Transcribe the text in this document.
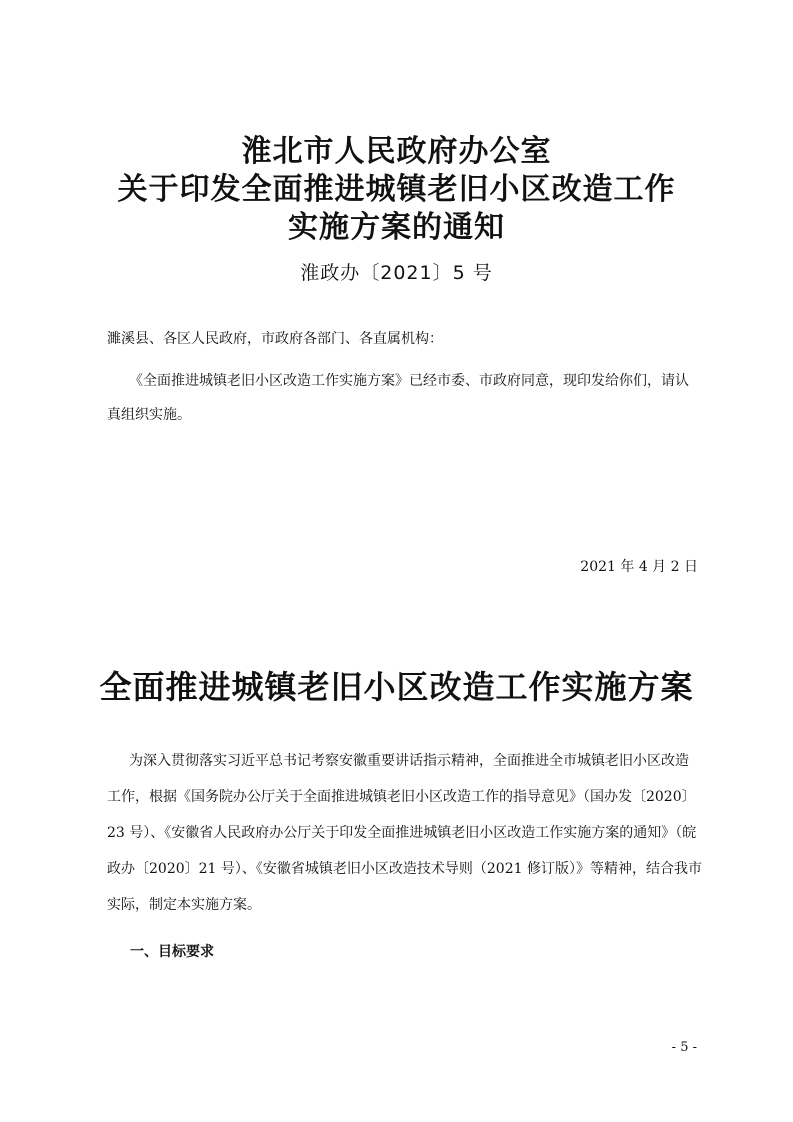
淮北市人民政府办公室
关于印发全面推进城镇老旧小区改造工作
实施方案的通知
淮政办〔2021〕5 号
濉溪县、各区人民政府，市政府各部门、各直属机构：
《全面推进城镇老旧小区改造工作实施方案》已经市委、市政府同意，现印发给你们，请认
真组织实施。
2021 年 4 月 2 日
全面推进城镇老旧小区改造工作实施方案
为深入贯彻落实习近平总书记考察安徽重要讲话指示精神，全面推进全市城镇老旧小区改造
工作，根据《国务院办公厅关于全面推进城镇老旧小区改造工作的指导意见》（国办发〔2020〕
23 号）、《安徽省人民政府办公厅关于印发全面推进城镇老旧小区改造工作实施方案的通知》（皖
政办〔2020〕21 号）、《安徽省城镇老旧小区改造技术导则（2021 修订版）》等精神，结合我市
实际，制定本实施方案。
一、目标要求
- 5 -
